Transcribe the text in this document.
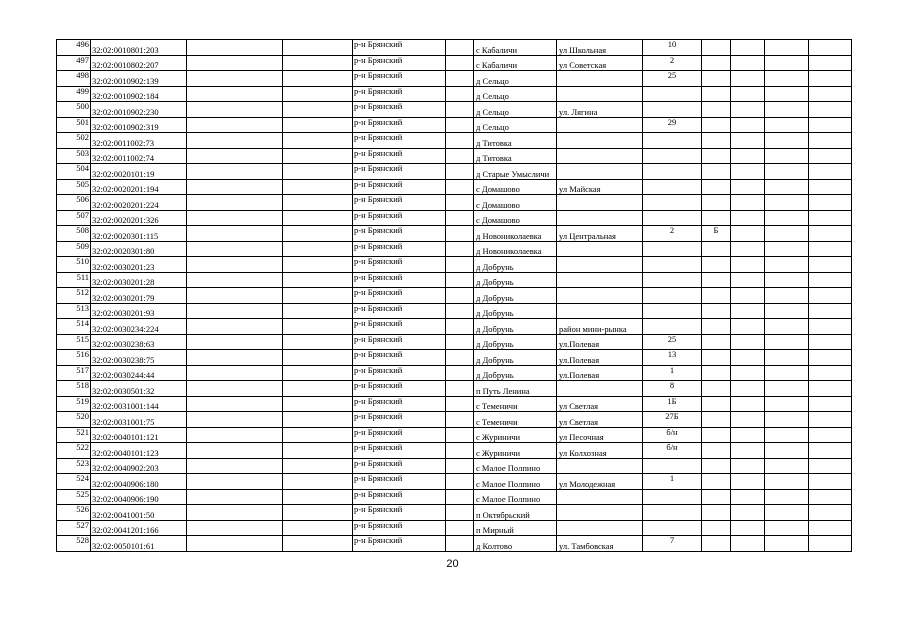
496	32:02:0010801:203			р-н Брянский		с Кабаличи	ул Школьная	10				
497	32:02:0010802:207			р-н Брянский		с Кабаличи	ул Советская	2				
498	32:02:0010902:139			р-н Брянский		д Сельцо		25				
499	32:02:0010902:184			р-н Брянский		д Сельцо						
500	32:02:0010902:230			р-н Брянский		д Сельцо	ул. Лягина					
501	32:02:0010902:319			р-н Брянский		д Сельцо		29				
502	32:02:0011002:73			р-н Брянский		д Титовка						
503	32:02:0011002:74			р-н Брянский		д Титовка						
504	32:02:0020101:19			р-н Брянский		д Старые Умысличи						
505	32:02:0020201:194			р-н Брянский		с Домашово	ул Майская					
506	32:02:0020201:224			р-н Брянский		с Домашово						
507	32:02:0020201:326			р-н Брянский		с Домашово						
508	32:02:0020301:115			р-н Брянский		д Новониколаевка	ул Центральная	2	Б			
509	32:02:0020301:80			р-н Брянский		д Новониколаевка						
510	32:02:0030201:23			р-н Брянский		д Добрунь						
511	32:02:0030201:28			р-н Брянский		д Добрунь						
512	32:02:0030201:79			р-н Брянский		д Добрунь						
513	32:02:0030201:93			р-н Брянский		д Добрунь						
514	32:02:0030234:224			р-н Брянский		д Добрунь	район мини-рынка					
515	32:02:0030238:63			р-н Брянский		д Добрунь	ул.Полевая	25				
516	32:02:0030238:75			р-н Брянский		д Добрунь	ул.Полевая	13				
517	32:02:0030244:44			р-н Брянский		д Добрунь	ул.Полевая	1				
518	32:02:0030501:32			р-н Брянский		п Путь Ленина		8				
519	32:02:0031001:144			р-н Брянский		с Теменичи	ул Светлая	1Б				
520	32:02:0031001:75			р-н Брянский		с Теменичи	ул Светлая	27Б				
521	32:02:0040101:121			р-н Брянский		с Журиничи	ул Песочная	б/н				
522	32:02:0040101:123			р-н Брянский		с Журиничи	ул Колхозная	б/н				
523	32:02:0040902:203			р-н Брянский		с Малое Полпино						
524	32:02:0040906:180			р-н Брянский		с Малое Полпино	ул Молодежная	1				
525	32:02:0040906:190			р-н Брянский		с Малое Полпино						
526	32:02:0041001:50			р-н Брянский		п Октябрьский						
527	32:02:0041201:166			р-н Брянский		п Мирный						
528	32:02:0050101:61			р-н Брянский		д Колтово	ул. Тамбовская	7				
20
